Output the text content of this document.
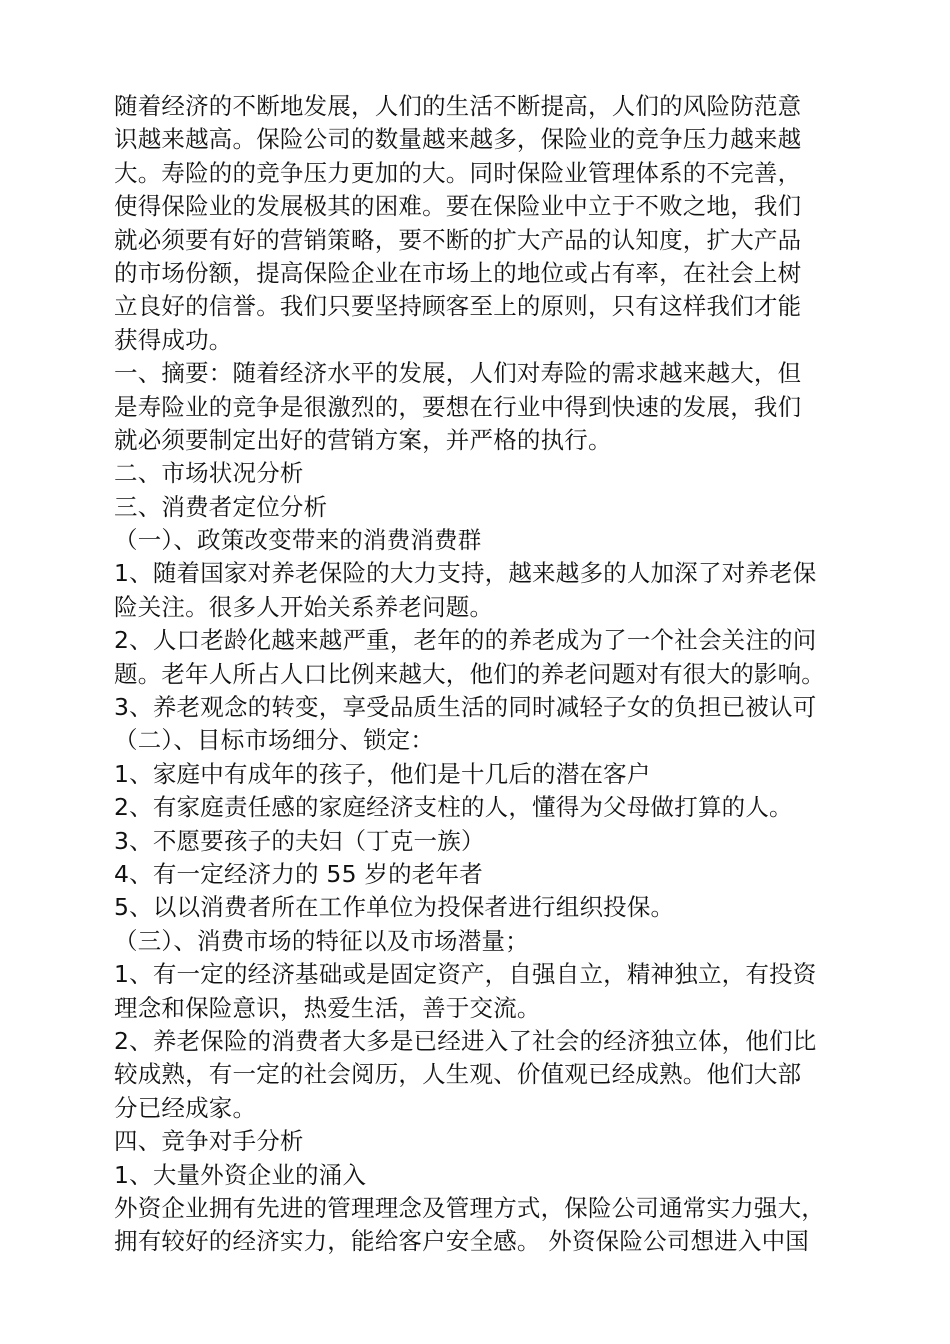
随着经济的不断地发展，人们的生活不断提高，人们的风险防范意
识越来越高。保险公司的数量越来越多，保险业的竞争压力越来越
大。寿险的的竞争压力更加的大。同时保险业管理体系的不完善，
使得保险业的发展极其的困难。要在保险业中立于不败之地，我们
就必须要有好的营销策略，要不断的扩大产品的认知度，扩大产品
的市场份额，提高保险企业在市场上的地位或占有率，在社会上树
立良好的信誉。我们只要坚持顾客至上的原则，只有这样我们才能
获得成功。
一、摘要：随着经济水平的发展，人们对寿险的需求越来越大，但
是寿险业的竞争是很激烈的，要想在行业中得到快速的发展，我们
就必须要制定出好的营销方案，并严格的执行。
二、市场状况分析
三、消费者定位分析
（一）、政策改变带来的消费消费群
1、随着国家对养老保险的大力支持，越来越多的人加深了对养老保
险关注。很多人开始关系养老问题。
2、人口老龄化越来越严重，老年的的养老成为了一个社会关注的问
题。老年人所占人口比例来越大，他们的养老问题对有很大的影响。
3、养老观念的转变，享受品质生活的同时减轻子女的负担已被认可
（二）、目标市场细分、锁定：
1、家庭中有成年的孩子，他们是十几后的潜在客户
2、有家庭责任感的家庭经济支柱的人，懂得为父母做打算的人。
3、不愿要孩子的夫妇（丁克一族）
4、有一定经济力的 55 岁的老年者
5、以以消费者所在工作单位为投保者进行组织投保。
（三）、消费市场的特征以及市场潜量；
1、有一定的经济基础或是固定资产，自强自立，精神独立，有投资
理念和保险意识，热爱生活，善于交流。
2、养老保险的消费者大多是已经进入了社会的经济独立体，他们比
较成熟，有一定的社会阅历，人生观、价值观已经成熟。他们大部
分已经成家。
四、竞争对手分析
1、大量外资企业的涌入
外资企业拥有先进的管理理念及管理方式，保险公司通常实力强大，
拥有较好的经济实力，能给客户安全感。 外资保险公司想进入中国
